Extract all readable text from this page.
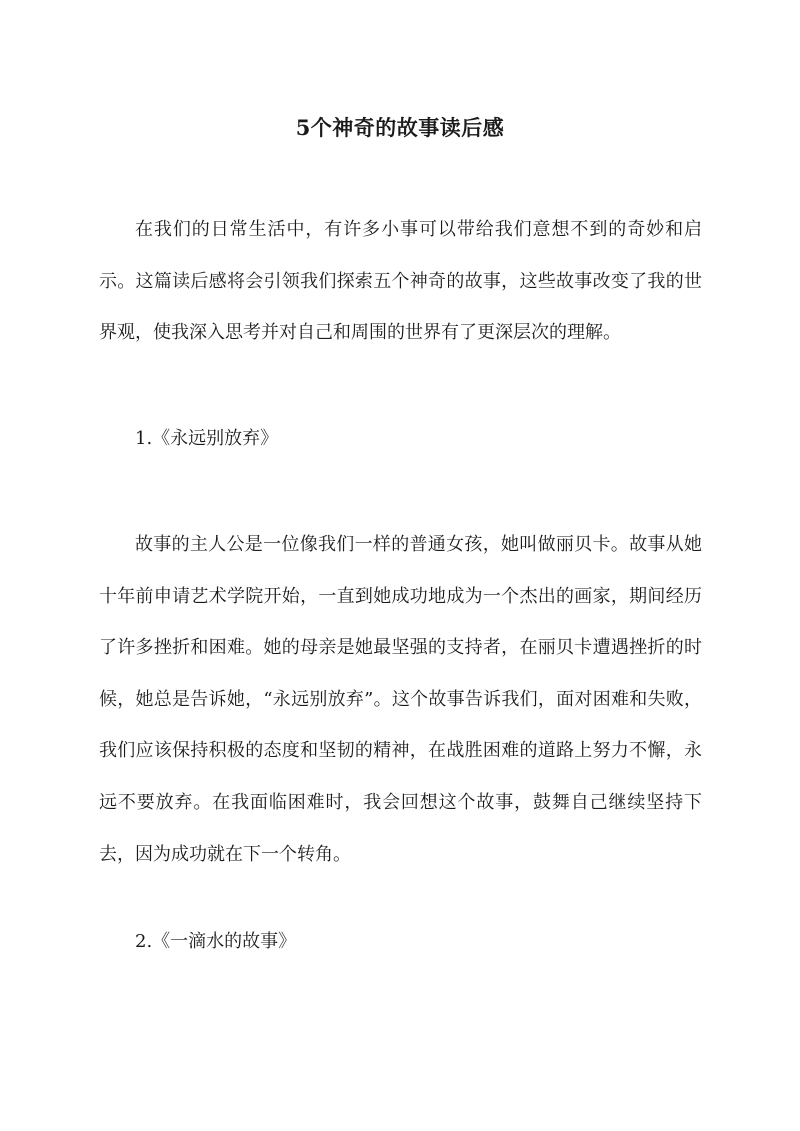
5个神奇的故事读后感

在我们的日常生活中，有许多小事可以带给我们意想不到的奇妙和启示。这篇读后感将会引领我们探索五个神奇的故事，这些故事改变了我的世界观，使我深入思考并对自己和周围的世界有了更深层次的理解。

1.《永远别放弃》

故事的主人公是一位像我们一样的普通女孩，她叫做丽贝卡。故事从她十年前申请艺术学院开始，一直到她成功地成为一个杰出的画家，期间经历了许多挫折和困难。她的母亲是她最坚强的支持者，在丽贝卡遭遇挫折的时候，她总是告诉她，“永远别放弃”。这个故事告诉我们，面对困难和失败，我们应该保持积极的态度和坚韧的精神，在战胜困难的道路上努力不懈，永远不要放弃。在我面临困难时，我会回想这个故事，鼓舞自己继续坚持下去，因为成功就在下一个转角。

2.《一滴水的故事》
